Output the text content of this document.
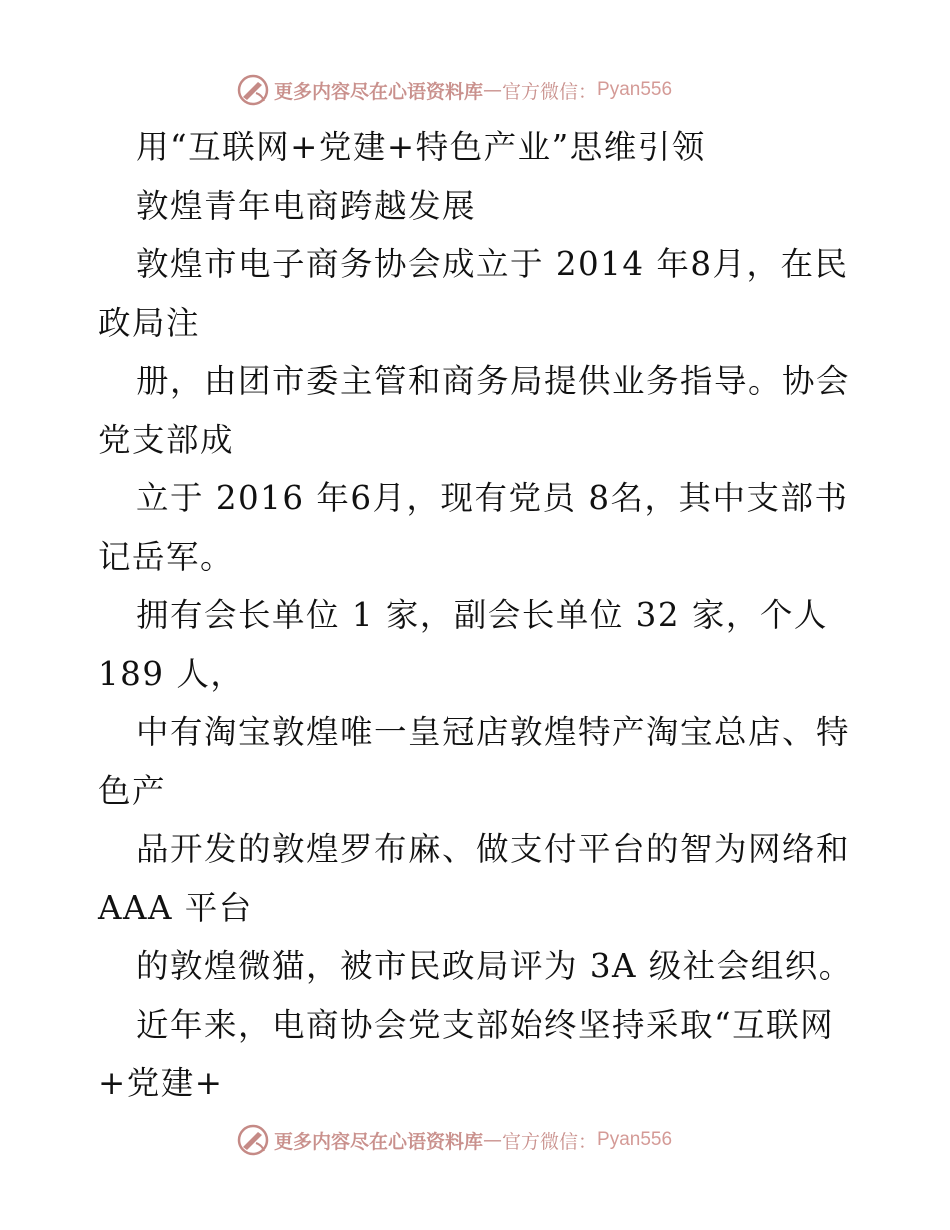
更多内容尽在心语资料库 — 官方微信： Pyan556
用“互联网+党建+特色产业”思维引领
敦煌青年电商跨越发展
敦煌市电子商务协会成立于 2014 年8月，在民
政局注
册，由团市委主管和商务局提供业务指导。协会
党支部成
立于 2016 年6月，现有党员 8名，其中支部书
记岳军。
拥有会长单位 1 家，副会长单位 32 家，个人
189 人，
中有淘宝敦煌唯一皇冠店敦煌特产淘宝总店、特
色产
品开发的敦煌罗布麻、做支付平台的智为网络和
AAA 平台
的敦煌微猫，被市民政局评为 3A 级社会组织。
近年来，电商协会党支部始终坚持采取“互联网
+党建+
更多内容尽在心语资料库 — 官方微信： Pyan556
